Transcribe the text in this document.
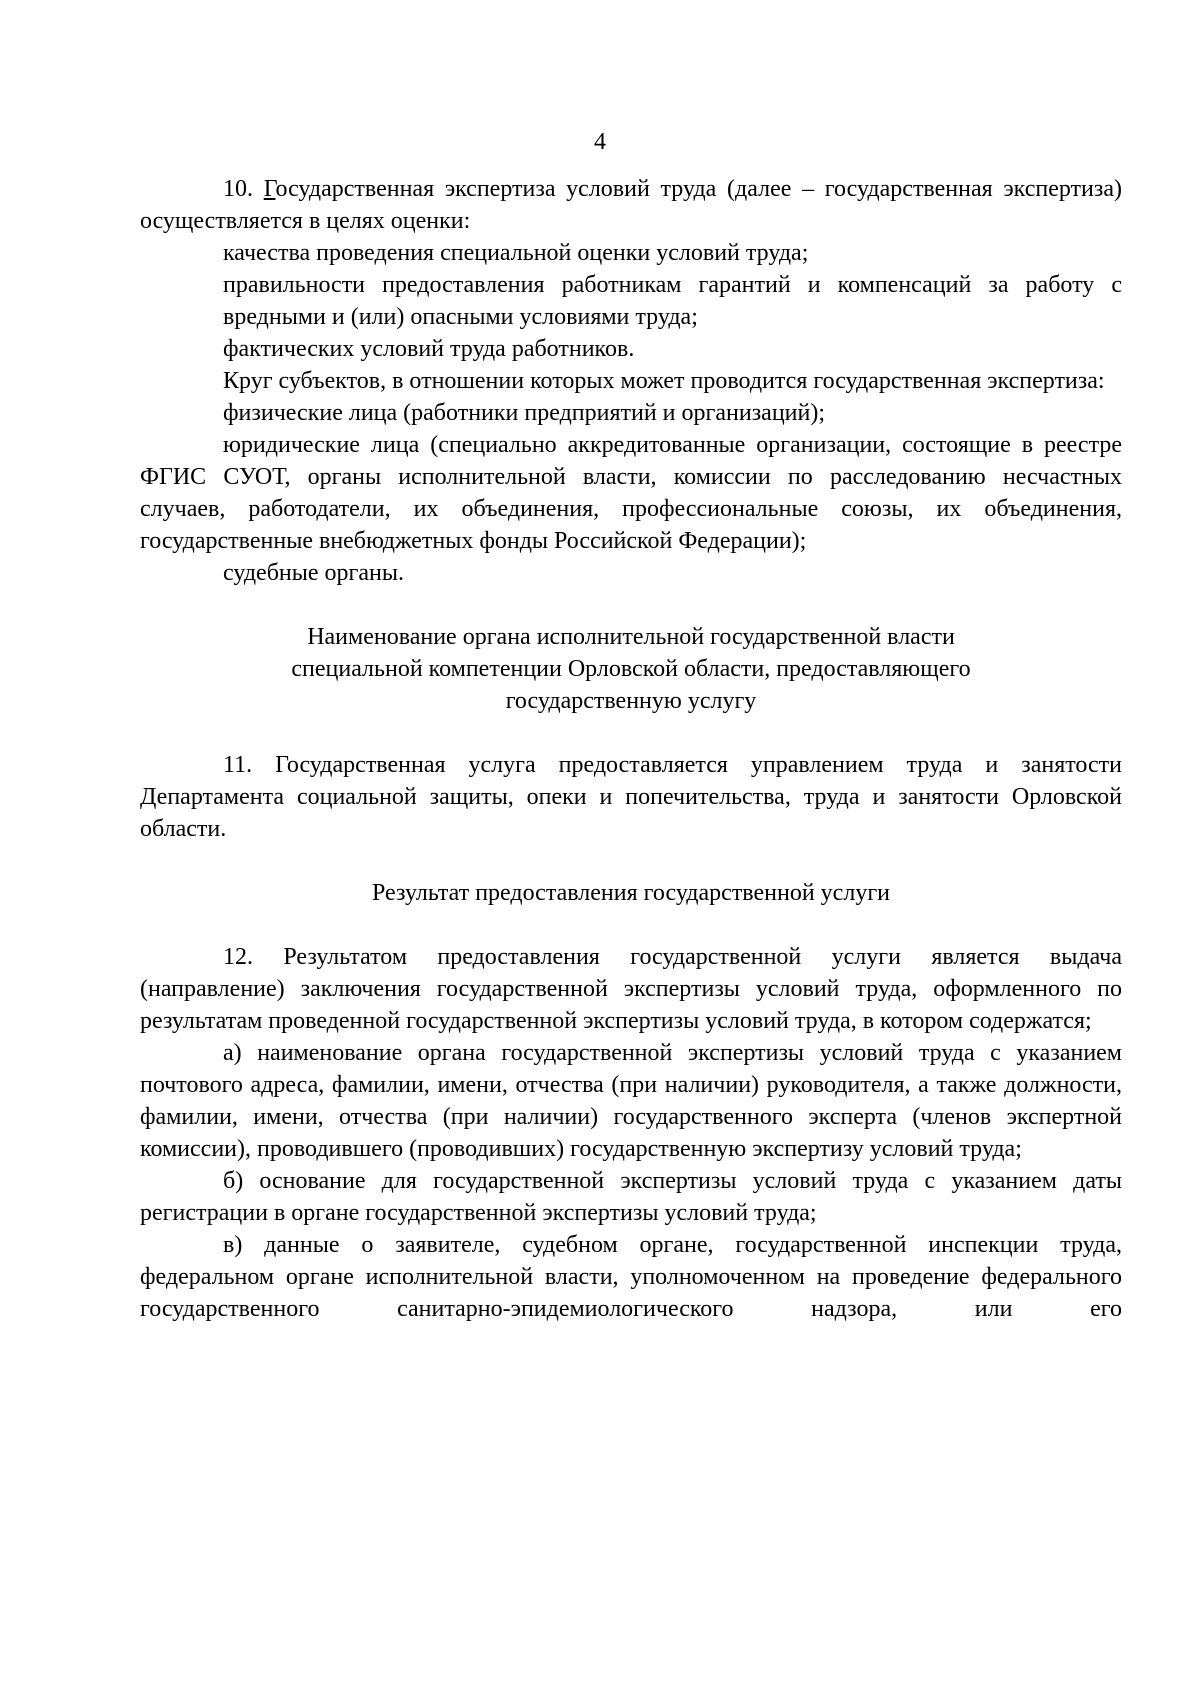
4

10. Государственная экспертиза условий труда (далее – государственная экспертиза) осуществляется в целях оценки:

качества проведения специальной оценки условий труда;

правильности предоставления работникам гарантий и компенсаций за работу с вредными и (или) опасными условиями труда;

фактических условий труда работников.

Круг субъектов, в отношении которых может проводится государственная экспертиза:

физические лица (работники предприятий и организаций);

юридические лица (специально аккредитованные организации, состоящие в реестре ФГИС СУОТ, органы исполнительной власти, комиссии по расследованию несчастных случаев, работодатели, их объединения, профессиональные союзы, их объединения, государственные внебюджетных фонды Российской Федерации);

судебные органы.

Наименование органа исполнительной государственной власти

специальной компетенции Орловской области, предоставляющего

государственную услугу

11. Государственная услуга предоставляется управлением труда и занятости Департамента социальной защиты, опеки и попечительства, труда и занятости Орловской области.

Результат предоставления государственной услуги

12. Результатом предоставления государственной услуги является выдача (направление) заключения государственной экспертизы условий труда, оформленного по результатам проведенной государственной экспертизы условий труда, в котором содержатся;

а) наименование органа государственной экспертизы условий труда с указанием почтового адреса, фамилии, имени, отчества (при наличии) руководителя, а также должности, фамилии, имени, отчества (при наличии) государственного эксперта (членов экспертной комиссии), проводившего (проводивших) государственную экспертизу условий труда;

б) основание для государственной экспертизы условий труда с указанием даты регистрации в органе государственной экспертизы условий труда;

в) данные о заявителе, судебном органе, государственной инспекции труда, федеральном органе исполнительной власти, уполномоченном на проведение федерального государственного санитарно-эпидемиологического надзора, или его
